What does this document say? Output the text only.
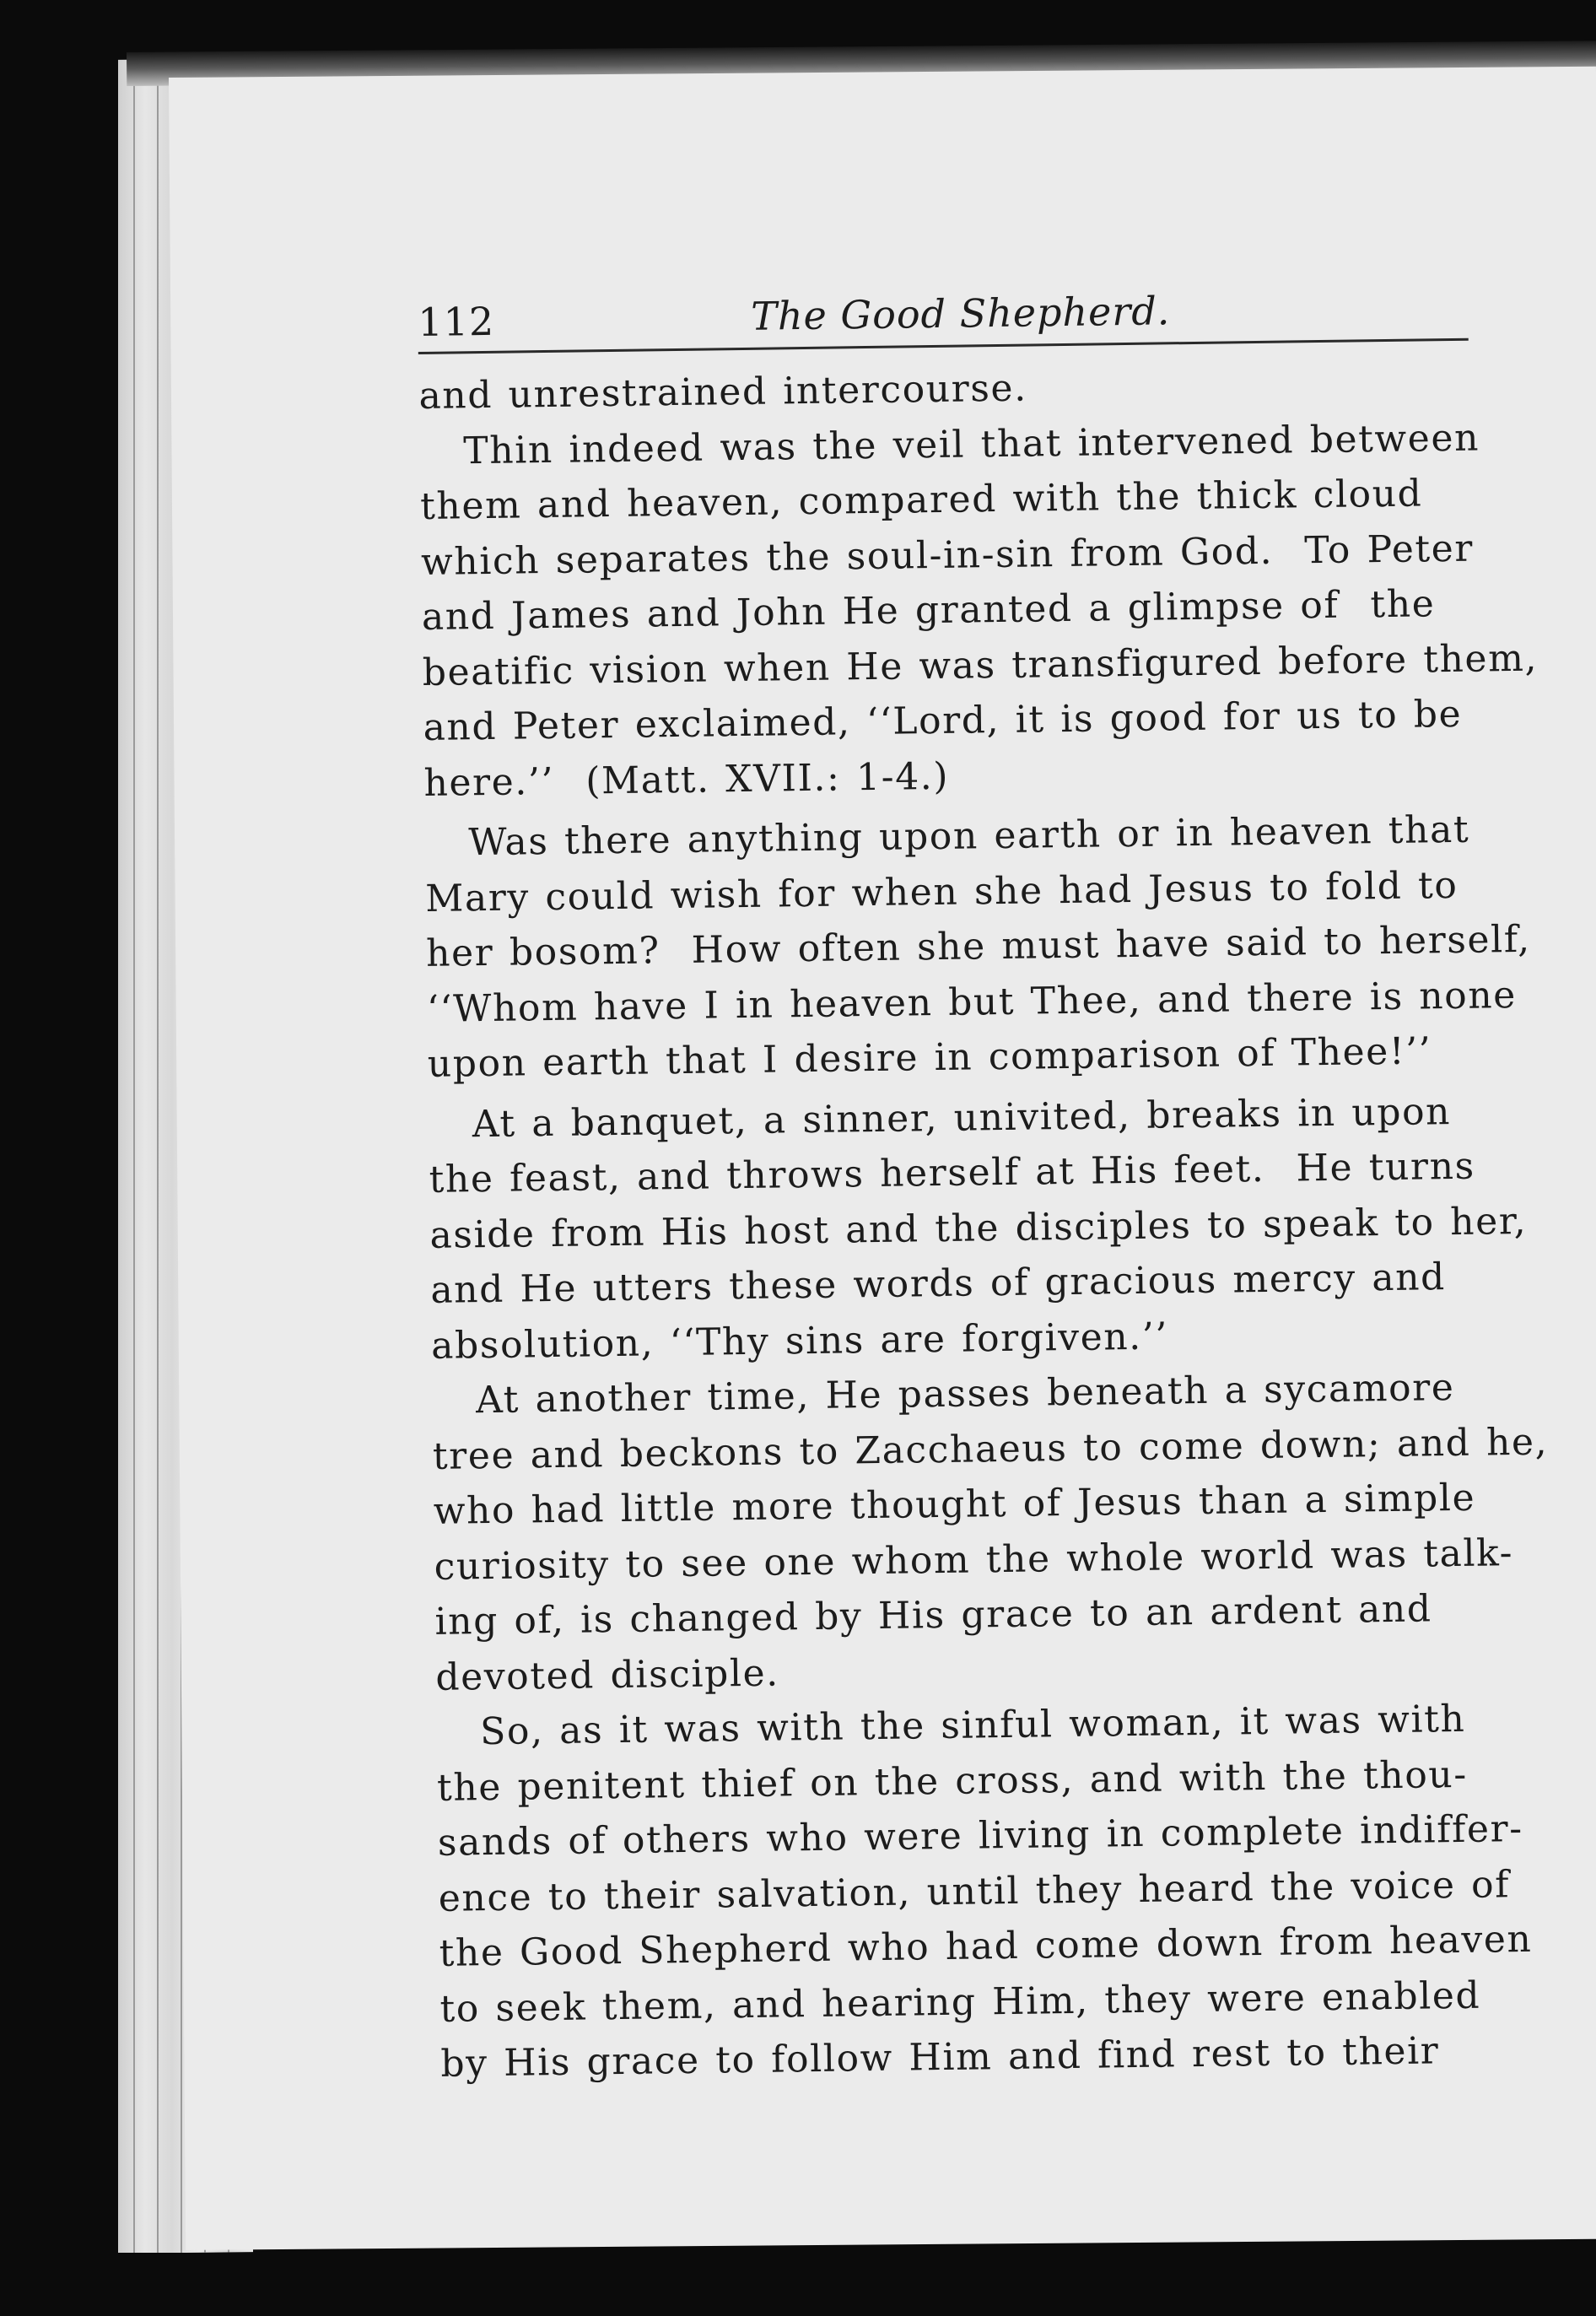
112	The Good Shepherd.
and unrestrained intercourse.
Thin indeed was the veil that intervened between
them and heaven, compared with the thick cloud
which separates the soul-in-sin from God.  To Peter
and James and John He granted a glimpse of  the
beatific vision when He was transfigured before them,
and Peter exclaimed, ‘‘Lord, it is good for us to be
here.’’  (Matt. XVII.: 1-4.)
Was there anything upon earth or in heaven that
Mary could wish for when she had Jesus to fold to
her bosom?  How often she must have said to herself,
‘‘Whom have I in heaven but Thee, and there is none
upon earth that I desire in comparison of Thee!’’
At a banquet, a sinner, univited, breaks in upon
the feast, and throws herself at His feet.  He turns
aside from His host and the disciples to speak to her,
and He utters these words of gracious mercy and
absolution, ‘‘Thy sins are forgiven.’’
At another time, He passes beneath a sycamore
tree and beckons to Zacchaeus to come down; and he,
who had little more thought of Jesus than a simple
curiosity to see one whom the whole world was talk-
ing of, is changed by His grace to an ardent and
devoted disciple.
So, as it was with the sinful woman, it was with
the penitent thief on the cross, and with the thou-
sands of others who were living in complete indiffer-
ence to their salvation, until they heard the voice of
the Good Shepherd who had come down from heaven
to seek them, and hearing Him, they were enabled
by His grace to follow Him and find rest to their
